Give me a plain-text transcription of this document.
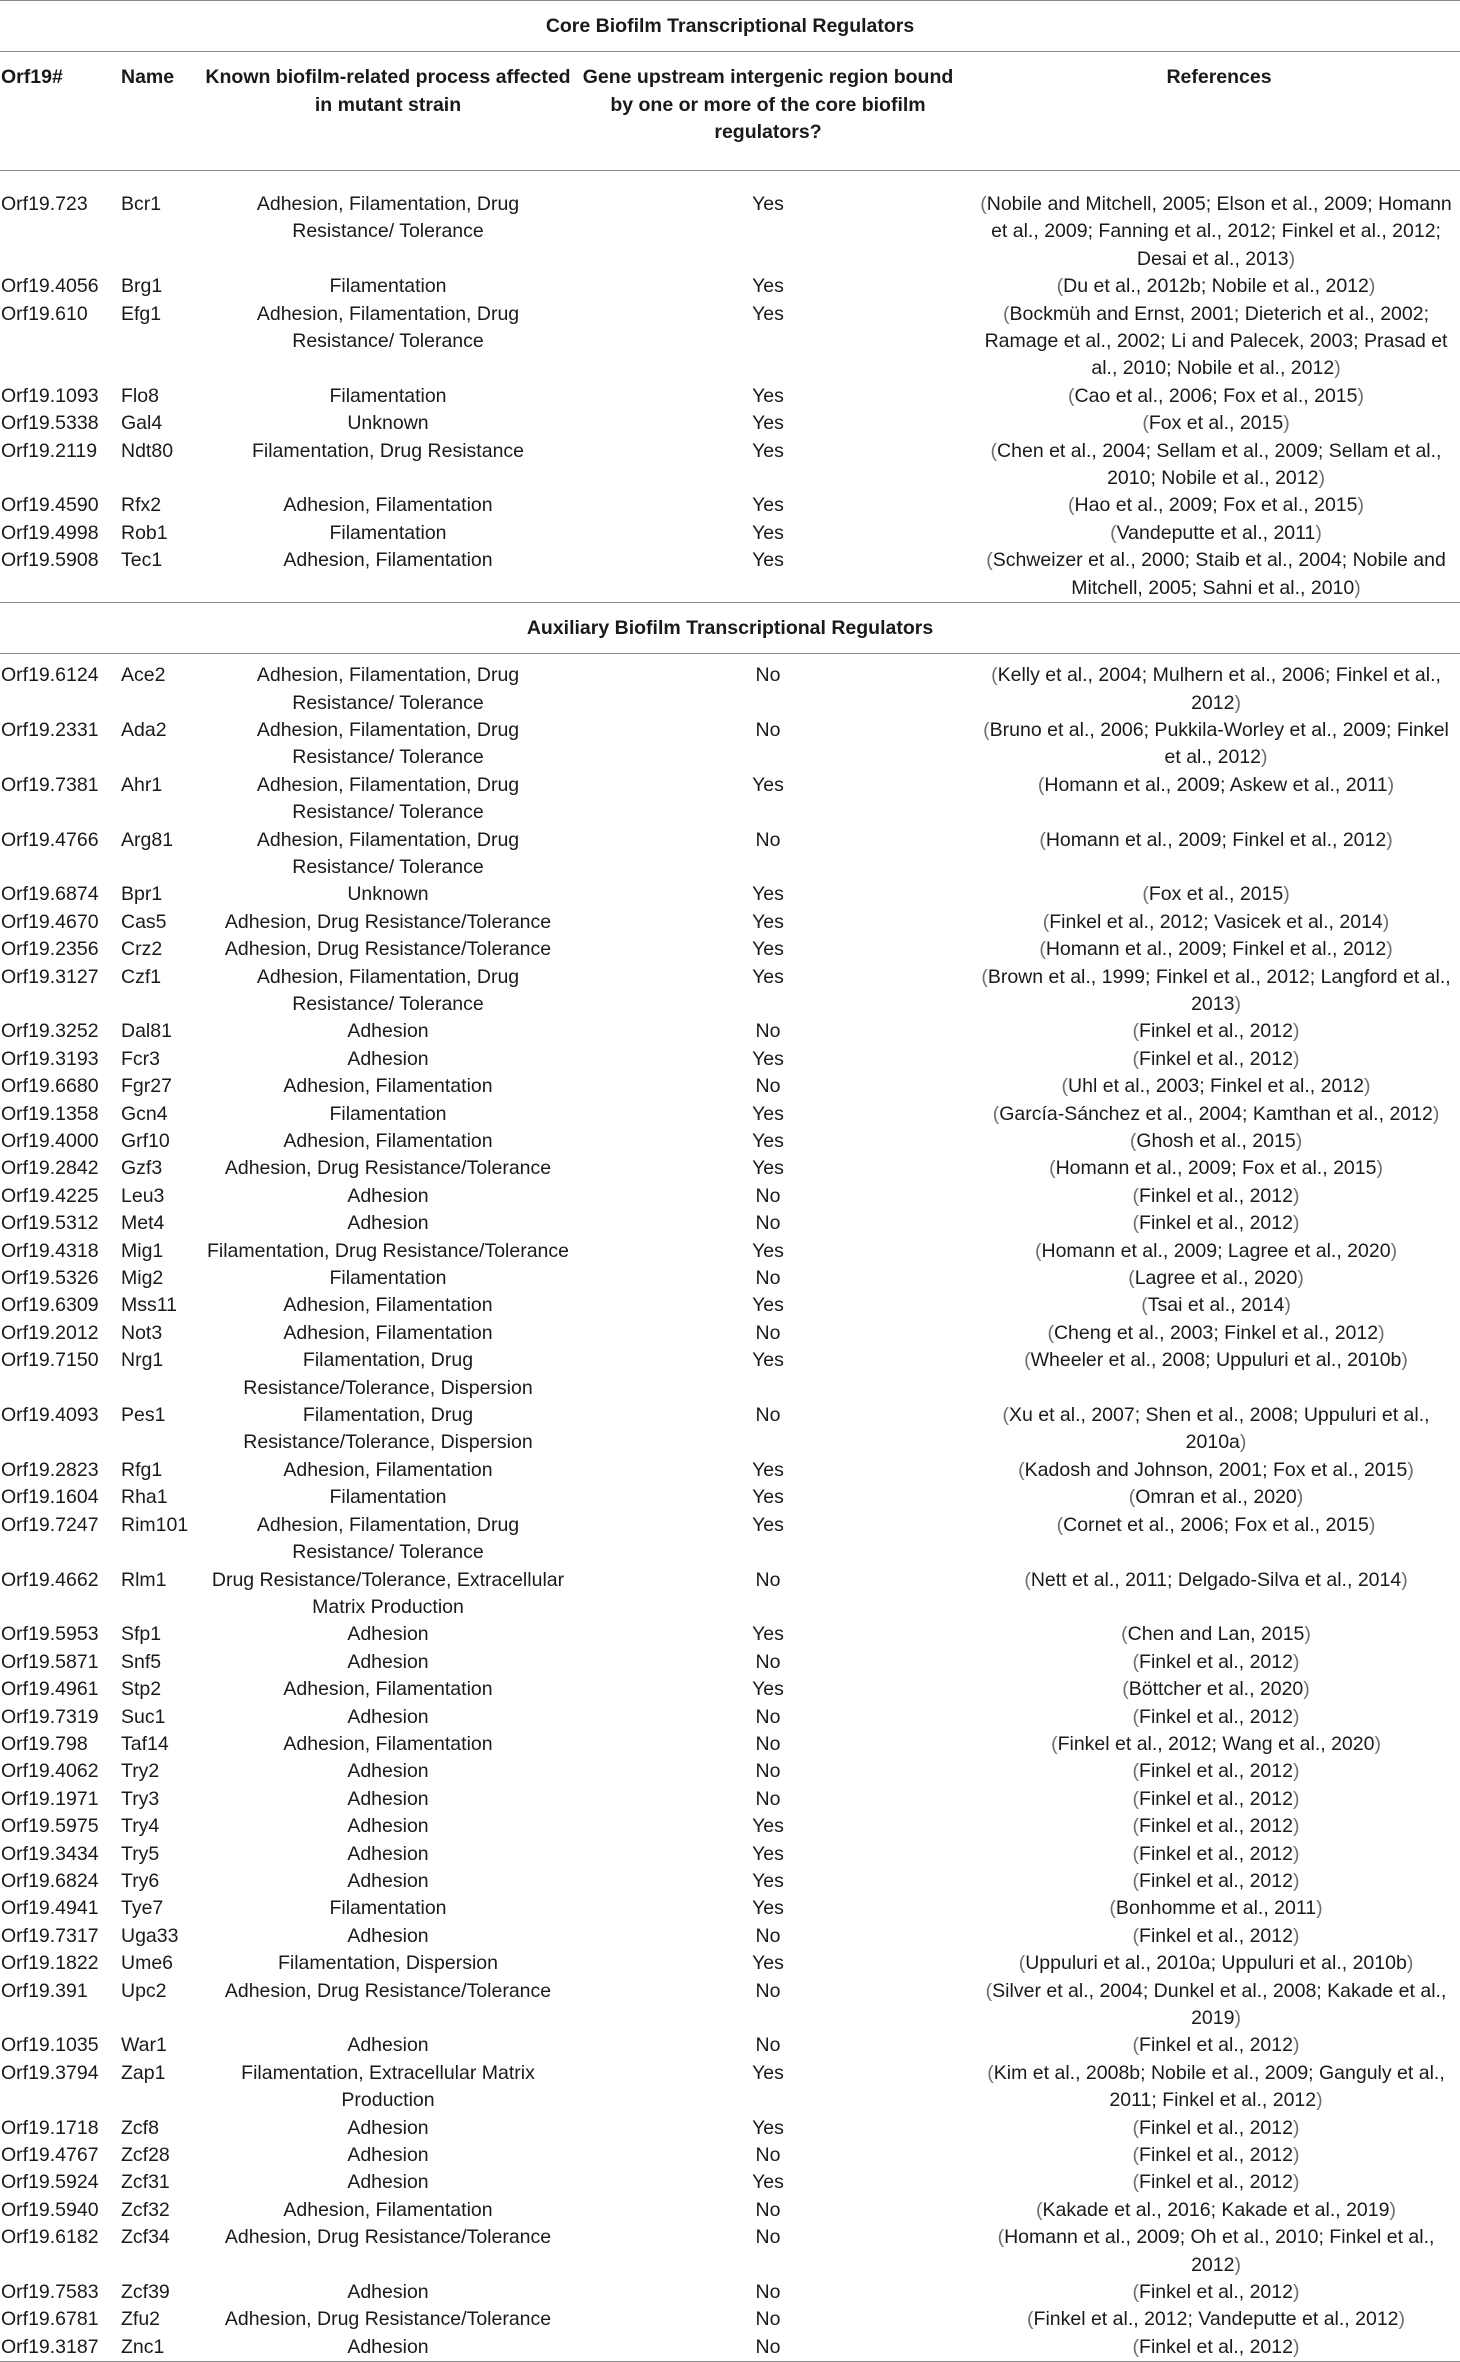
Core Biofilm Transcriptional Regulators				
Orf19#	Name	Known biofilm-related process affected in mutant strain	Gene upstream intergenic region bound by one or more of the core biofilm regulators?	References

Orf19.723	Bcr1	Adhesion, Filamentation, Drug Resistance/ Tolerance	Yes	(Nobile and Mitchell, 2005; Elson et al., 2009; Homann et al., 2009; Fanning et al., 2012; Finkel et al., 2012; Desai et al., 2013)
Orf19.4056	Brg1	Filamentation	Yes	(Du et al., 2012b; Nobile et al., 2012)
Orf19.610	Efg1	Adhesion, Filamentation, Drug Resistance/ Tolerance	Yes	(Bockmüh and Ernst, 2001; Dieterich et al., 2002; Ramage et al., 2002; Li and Palecek, 2003; Prasad et al., 2010; Nobile et al., 2012)
Orf19.1093	Flo8	Filamentation	Yes	(Cao et al., 2006; Fox et al., 2015)
Orf19.5338	Gal4	Unknown	Yes	(Fox et al., 2015)
Orf19.2119	Ndt80	Filamentation, Drug Resistance	Yes	(Chen et al., 2004; Sellam et al., 2009; Sellam et al., 2010; Nobile et al., 2012)
Orf19.4590	Rfx2	Adhesion, Filamentation	Yes	(Hao et al., 2009; Fox et al., 2015)
Orf19.4998	Rob1	Filamentation	Yes	(Vandeputte et al., 2011)
Orf19.5908	Tec1	Adhesion, Filamentation	Yes	(Schweizer et al., 2000; Staib et al., 2004; Nobile and Mitchell, 2005; Sahni et al., 2010)
Auxiliary Biofilm Transcriptional Regulators				

Orf19.6124	Ace2	Adhesion, Filamentation, Drug Resistance/ Tolerance	No	(Kelly et al., 2004; Mulhern et al., 2006; Finkel et al., 2012)
Orf19.2331	Ada2	Adhesion, Filamentation, Drug Resistance/ Tolerance	No	(Bruno et al., 2006; Pukkila-Worley et al., 2009; Finkel et al., 2012)
Orf19.7381	Ahr1	Adhesion, Filamentation, Drug Resistance/ Tolerance	Yes	(Homann et al., 2009; Askew et al., 2011)
Orf19.4766	Arg81	Adhesion, Filamentation, Drug Resistance/ Tolerance	No	(Homann et al., 2009; Finkel et al., 2012)
Orf19.6874	Bpr1	Unknown	Yes	(Fox et al., 2015)
Orf19.4670	Cas5	Adhesion, Drug Resistance/Tolerance	Yes	(Finkel et al., 2012; Vasicek et al., 2014)
Orf19.2356	Crz2	Adhesion, Drug Resistance/Tolerance	Yes	(Homann et al., 2009; Finkel et al., 2012)
Orf19.3127	Czf1	Adhesion, Filamentation, Drug Resistance/ Tolerance	Yes	(Brown et al., 1999; Finkel et al., 2012; Langford et al., 2013)
Orf19.3252	Dal81	Adhesion	No	(Finkel et al., 2012)
Orf19.3193	Fcr3	Adhesion	Yes	(Finkel et al., 2012)
Orf19.6680	Fgr27	Adhesion, Filamentation	No	(Uhl et al., 2003; Finkel et al., 2012)
Orf19.1358	Gcn4	Filamentation	Yes	(García-Sánchez et al., 2004; Kamthan et al., 2012)
Orf19.4000	Grf10	Adhesion, Filamentation	Yes	(Ghosh et al., 2015)
Orf19.2842	Gzf3	Adhesion, Drug Resistance/Tolerance	Yes	(Homann et al., 2009; Fox et al., 2015)
Orf19.4225	Leu3	Adhesion	No	(Finkel et al., 2012)
Orf19.5312	Met4	Adhesion	No	(Finkel et al., 2012)
Orf19.4318	Mig1	Filamentation, Drug Resistance/Tolerance	Yes	(Homann et al., 2009; Lagree et al., 2020)
Orf19.5326	Mig2	Filamentation	No	(Lagree et al., 2020)
Orf19.6309	Mss11	Adhesion, Filamentation	Yes	(Tsai et al., 2014)
Orf19.2012	Not3	Adhesion, Filamentation	No	(Cheng et al., 2003; Finkel et al., 2012)
Orf19.7150	Nrg1	Filamentation, Drug Resistance/Tolerance, Dispersion	Yes	(Wheeler et al., 2008; Uppuluri et al., 2010b)
Orf19.4093	Pes1	Filamentation, Drug Resistance/Tolerance, Dispersion	No	(Xu et al., 2007; Shen et al., 2008; Uppuluri et al., 2010a)
Orf19.2823	Rfg1	Adhesion, Filamentation	Yes	(Kadosh and Johnson, 2001; Fox et al., 2015)
Orf19.1604	Rha1	Filamentation	Yes	(Omran et al., 2020)
Orf19.7247	Rim101	Adhesion, Filamentation, Drug Resistance/ Tolerance	Yes	(Cornet et al., 2006; Fox et al., 2015)
Orf19.4662	Rlm1	Drug Resistance/Tolerance, Extracellular Matrix Production	No	(Nett et al., 2011; Delgado-Silva et al., 2014)
Orf19.5953	Sfp1	Adhesion	Yes	(Chen and Lan, 2015)
Orf19.5871	Snf5	Adhesion	No	(Finkel et al., 2012)
Orf19.4961	Stp2	Adhesion, Filamentation	Yes	(Böttcher et al., 2020)
Orf19.7319	Suc1	Adhesion	No	(Finkel et al., 2012)
Orf19.798	Taf14	Adhesion, Filamentation	No	(Finkel et al., 2012; Wang et al., 2020)
Orf19.4062	Try2	Adhesion	No	(Finkel et al., 2012)
Orf19.1971	Try3	Adhesion	No	(Finkel et al., 2012)
Orf19.5975	Try4	Adhesion	Yes	(Finkel et al., 2012)
Orf19.3434	Try5	Adhesion	Yes	(Finkel et al., 2012)
Orf19.6824	Try6	Adhesion	Yes	(Finkel et al., 2012)
Orf19.4941	Tye7	Filamentation	Yes	(Bonhomme et al., 2011)
Orf19.7317	Uga33	Adhesion	No	(Finkel et al., 2012)
Orf19.1822	Ume6	Filamentation, Dispersion	Yes	(Uppuluri et al., 2010a; Uppuluri et al., 2010b)
Orf19.391	Upc2	Adhesion, Drug Resistance/Tolerance	No	(Silver et al., 2004; Dunkel et al., 2008; Kakade et al., 2019)
Orf19.1035	War1	Adhesion	No	(Finkel et al., 2012)
Orf19.3794	Zap1	Filamentation, Extracellular Matrix Production	Yes	(Kim et al., 2008b; Nobile et al., 2009; Ganguly et al., 2011; Finkel et al., 2012)
Orf19.1718	Zcf8	Adhesion	Yes	(Finkel et al., 2012)
Orf19.4767	Zcf28	Adhesion	No	(Finkel et al., 2012)
Orf19.5924	Zcf31	Adhesion	Yes	(Finkel et al., 2012)
Orf19.5940	Zcf32	Adhesion, Filamentation	No	(Kakade et al., 2016; Kakade et al., 2019)
Orf19.6182	Zcf34	Adhesion, Drug Resistance/Tolerance	No	(Homann et al., 2009; Oh et al., 2010; Finkel et al., 2012)
Orf19.7583	Zcf39	Adhesion	No	(Finkel et al., 2012)
Orf19.6781	Zfu2	Adhesion, Drug Resistance/Tolerance	No	(Finkel et al., 2012; Vandeputte et al., 2012)
Orf19.3187	Znc1	Adhesion	No	(Finkel et al., 2012)
